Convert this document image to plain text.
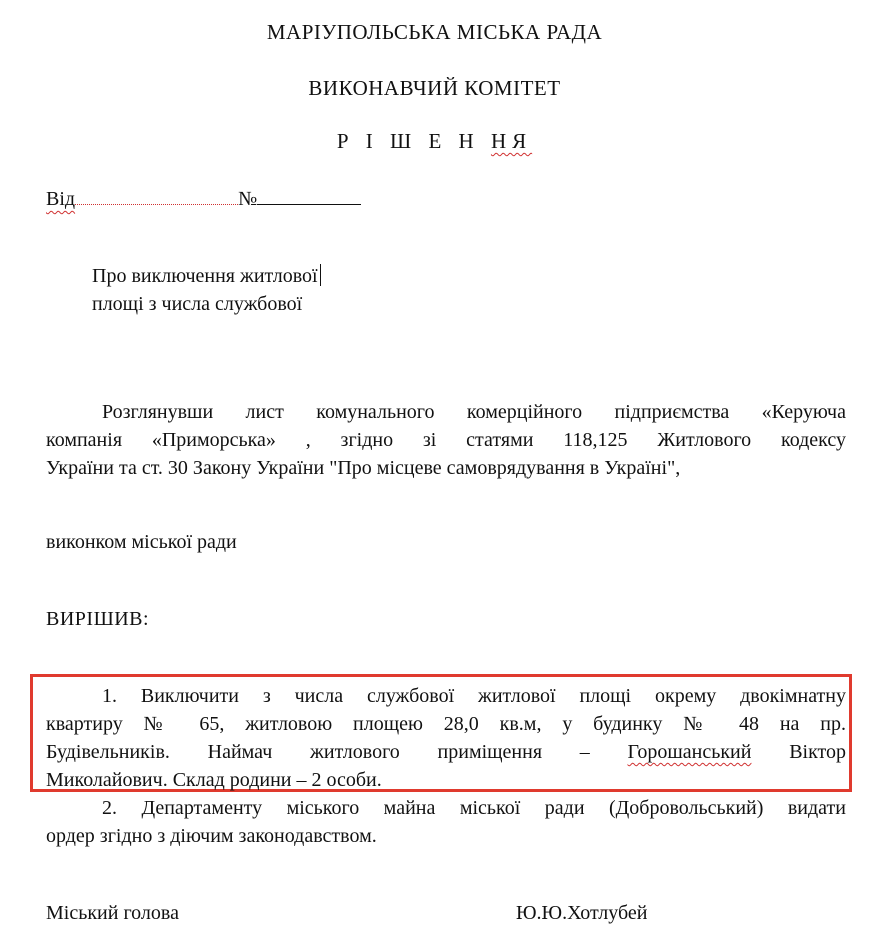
МАРІУПОЛЬСЬКА МІСЬКА РАДА
ВИКОНАВЧИЙ КОМІТЕТ
Р І Ш Е Н НЯ
Від	№
Про виключення житлової
площі з числа службової
Розглянувши лист комунального комерційного підприємства «Керуюча
компанія «Приморська» , згідно зі статями 118,125 Житлового кодексу
України та ст. 30 Закону України "Про місцеве самоврядування в Україні",
виконком міської ради
ВИРІШИВ:
1. Виключити з числа службової житлової площі окрему двокімнатну
квартиру № 65, житловою площею 28,0 кв.м, у будинку № 48 на пр.
Будівельників. Наймач житлового приміщення – Горошанський Віктор
Миколайович. Склад родини – 2 особи.
2. Департаменту міського майна міської ради (Добровольський) видати
ордер згідно з діючим законодавством.
Міський голова	Ю.Ю.Хотлубей
